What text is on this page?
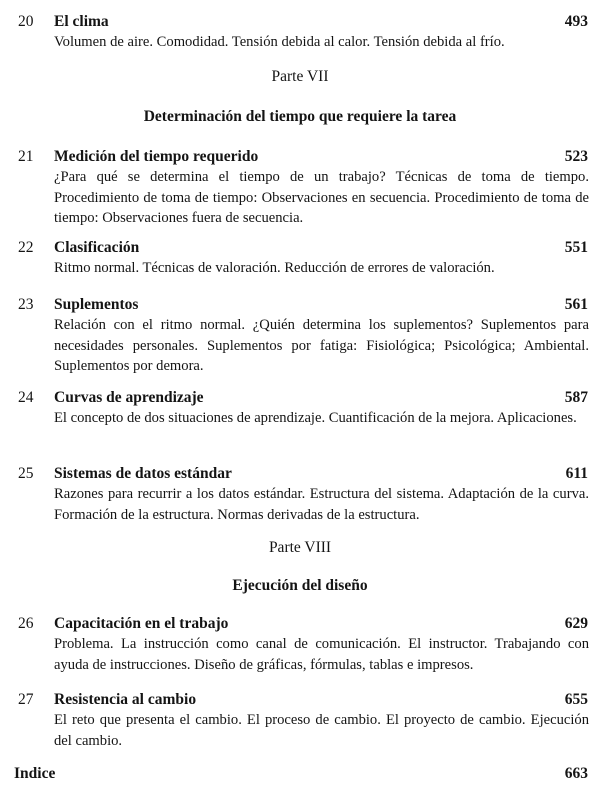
20 El clima	493
Volumen de aire. Comodidad. Tensión debida al calor. Tensión debida al frío.
Parte VII
Determinación del tiempo que requiere la tarea
21 Medición del tiempo requerido	523
¿Para qué se determina el tiempo de un trabajo? Técnicas de toma de tiempo. Procedimiento de toma de tiempo: Observaciones en secuencia. Procedimiento de toma de tiempo: Observaciones fuera de secuencia.
22 Clasificación	551
Ritmo normal. Técnicas de valoración. Reducción de errores de valoración.
23 Suplementos	561
Relación con el ritmo normal. ¿Quién determina los suplementos? Suplementos para necesidades personales. Suplementos por fatiga: Fisiológica; Psicológica; Ambiental. Suplementos por demora.
24 Curvas de aprendizaje	587
El concepto de dos situaciones de aprendizaje. Cuantificación de la mejora. Aplicaciones.
25 Sistemas de datos estándar	611
Razones para recurrir a los datos estándar. Estructura del sistema. Adaptación de la curva. Formación de la estructura. Normas derivadas de la estructura.
Parte VIII
Ejecución del diseño
26 Capacitación en el trabajo	629
Problema. La instrucción como canal de comunicación. El instructor. Trabajando con ayuda de instrucciones. Diseño de gráficas, fórmulas, tablas e impresos.
27 Resistencia al cambio	655
El reto que presenta el cambio. El proceso de cambio. El proyecto de cambio. Ejecución del cambio.
Indice	663
